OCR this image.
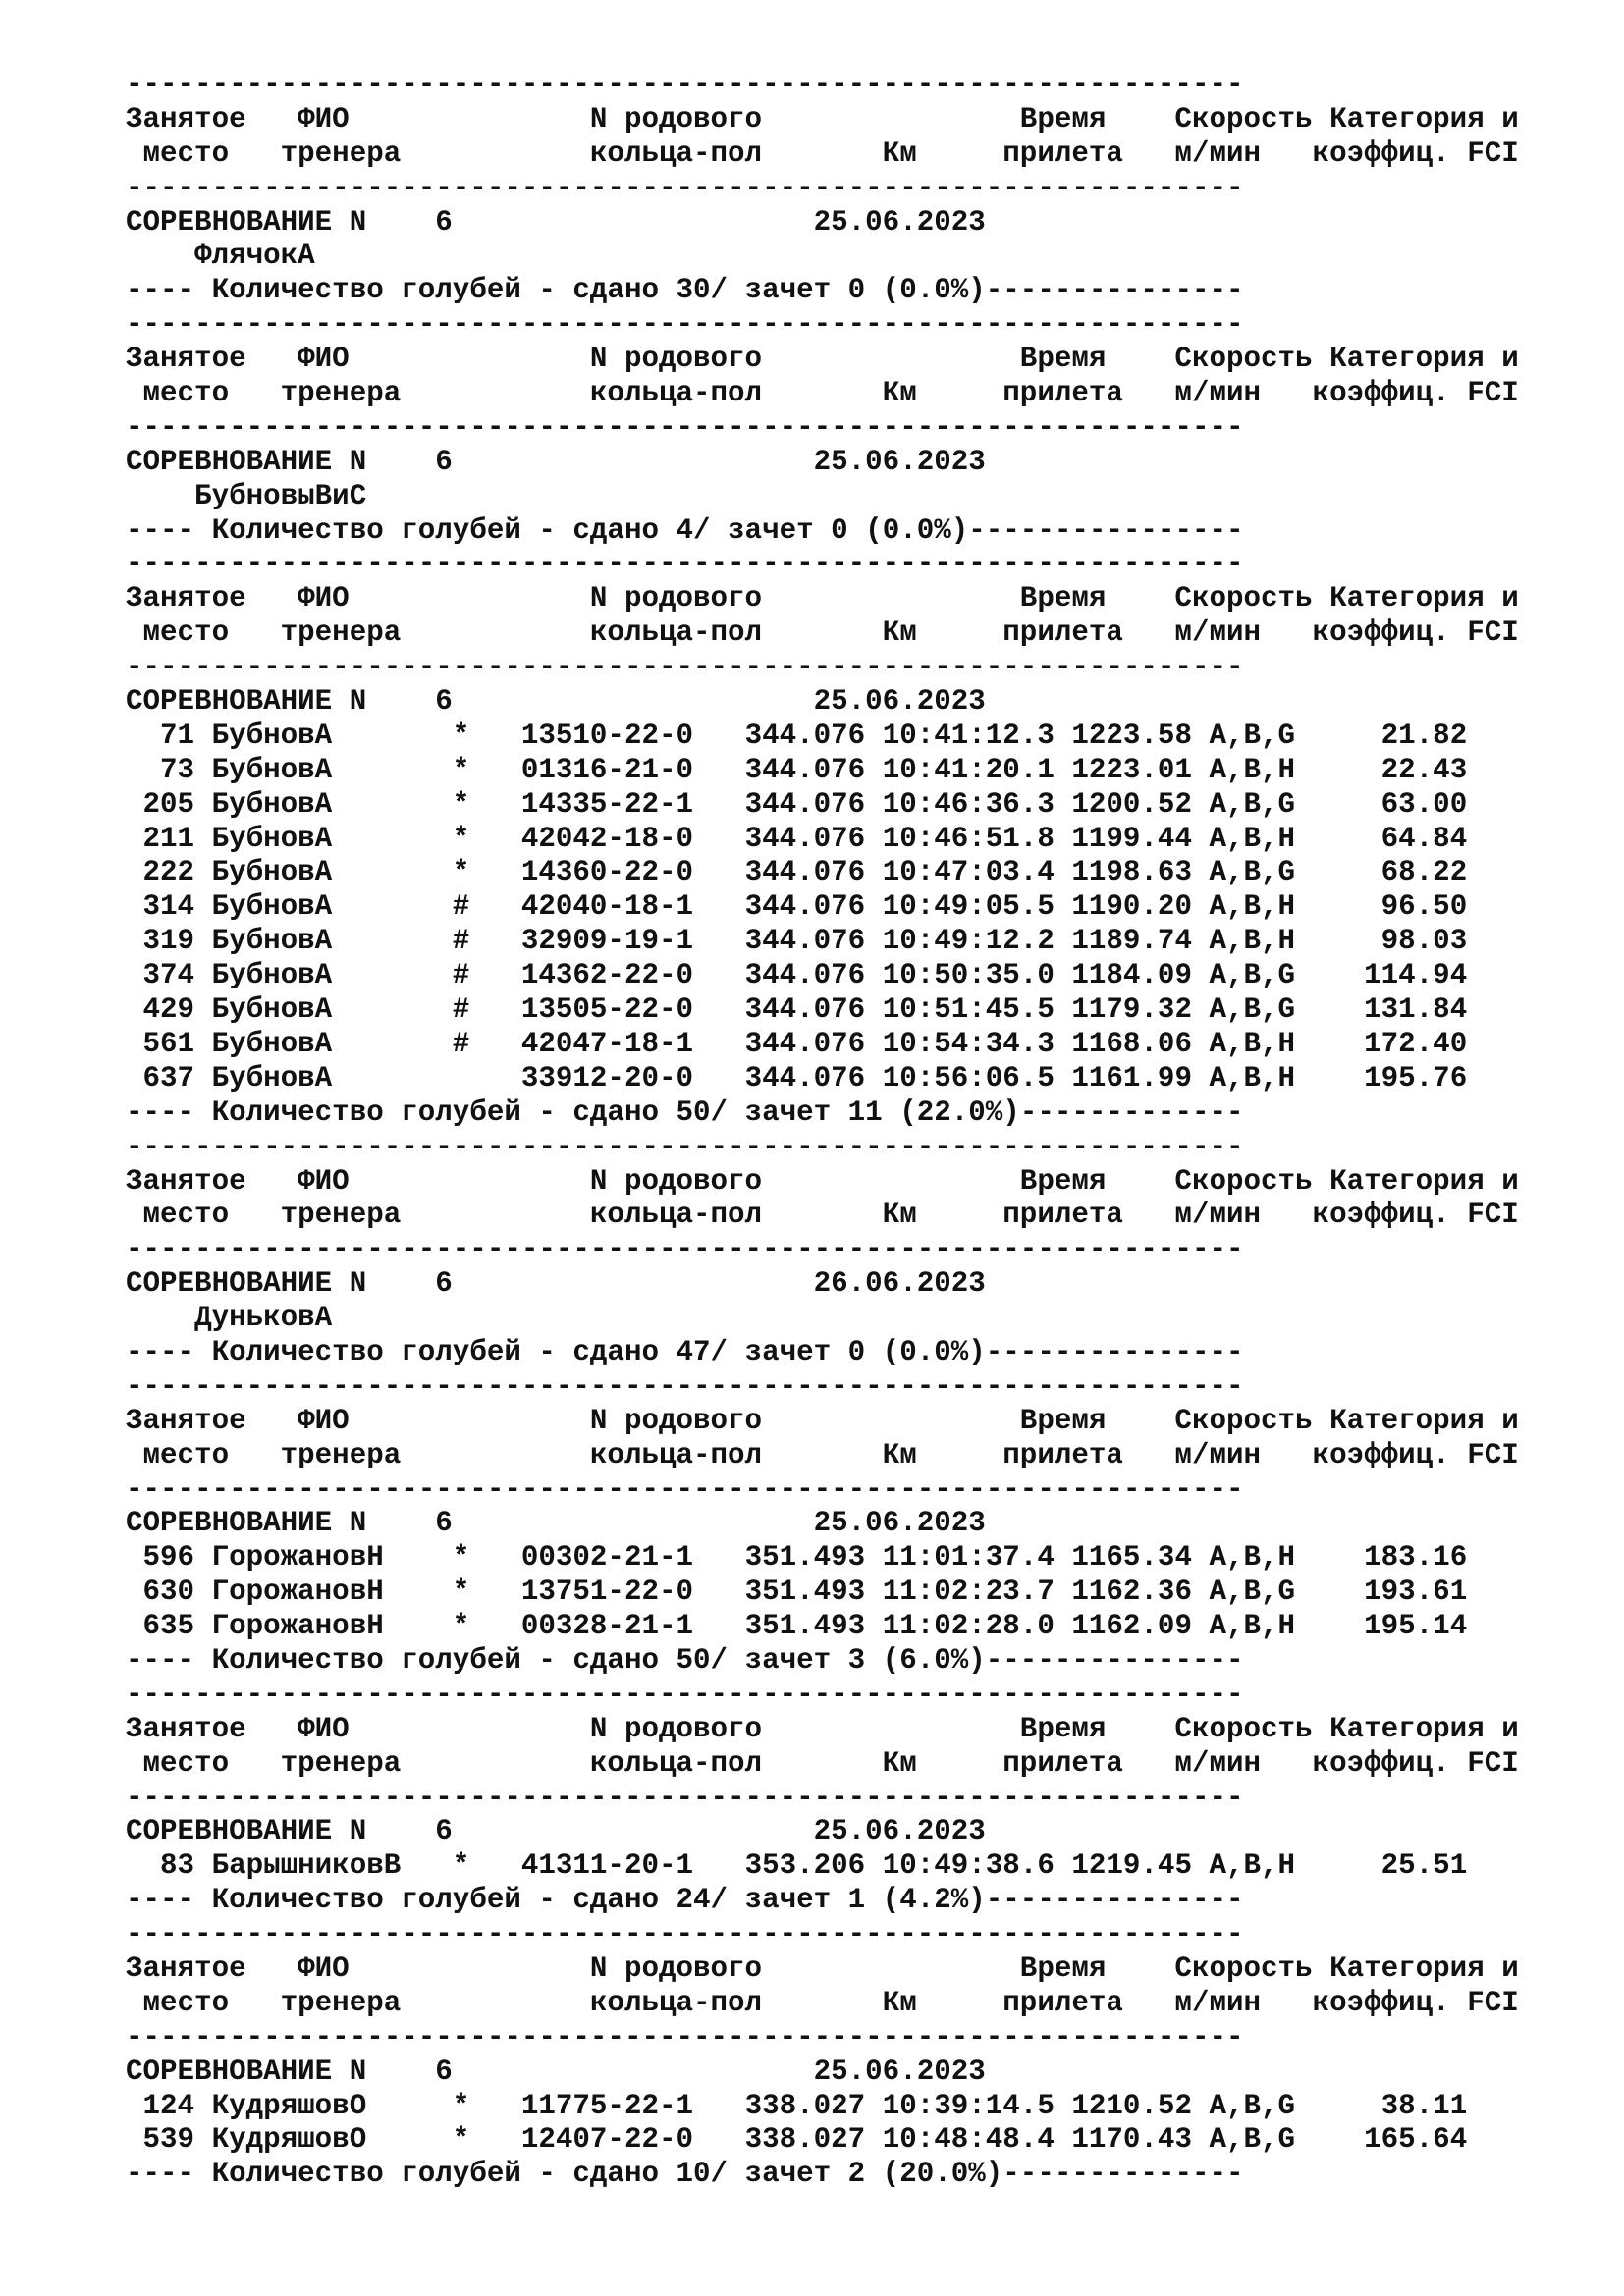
-----------------------------------------------------------------
Занятое   ФИО              N родового               Время    Скорость Категория и
место   тренера           кольца-пол       Км     прилета   м/мин   коэффиц. FCI
-----------------------------------------------------------------
СОРЕВНОВАНИЕ N    6	25.06.2023
ФлячокА
---- Количество голубей - сдано 30/ зачет 0 (0.0%)---------------
-----------------------------------------------------------------
Занятое   ФИО              N родового               Время    Скорость Категория и
место   тренера           кольца-пол       Км     прилета   м/мин   коэффиц. FCI
-----------------------------------------------------------------
СОРЕВНОВАНИЕ N    6	25.06.2023
БубновыВиС
---- Количество голубей - сдано 4/ зачет 0 (0.0%)----------------
-----------------------------------------------------------------
Занятое   ФИО              N родового               Время    Скорость Категория и
место   тренера           кольца-пол       Км     прилета   м/мин   коэффиц. FCI
-----------------------------------------------------------------
СОРЕВНОВАНИЕ N    6	25.06.2023
71 БубновА	* 13510-22-0 344.076 10:41:12.3 1223.58 A,B,G	21.82
73 БубновА	* 01316-21-0 344.076 10:41:20.1 1223.01 A,B,H	22.43
205 БубновА	* 14335-22-1 344.076 10:46:36.3 1200.52 A,B,G	63.00
211 БубновА	* 42042-18-0 344.076 10:46:51.8 1199.44 A,B,H	64.84
222 БубновА	* 14360-22-0 344.076 10:47:03.4 1198.63 A,B,G	68.22
314 БубновА	# 42040-18-1 344.076 10:49:05.5 1190.20 A,B,H	96.50
319 БубновА	# 32909-19-1 344.076 10:49:12.2 1189.74 A,B,H	98.03
374 БубновА	# 14362-22-0 344.076 10:50:35.0 1184.09 A,B,G 114.94
429 БубновА	# 13505-22-0 344.076 10:51:45.5 1179.32 A,B,G 131.84
561 БубновА	# 42047-18-1 344.076 10:54:34.3 1168.06 A,B,H 172.40
637 БубновА	33912-20-0 344.076 10:56:06.5 1161.99 A,B,H 195.76
---- Количество голубей - сдано 50/ зачет 11 (22.0%)-------------
-----------------------------------------------------------------
Занятое   ФИО              N родового               Время    Скорость Категория и
место   тренера           кольца-пол       Км     прилета   м/мин   коэффиц. FCI
-----------------------------------------------------------------
СОРЕВНОВАНИЕ N    6	26.06.2023
ДуньковА
---- Количество голубей - сдано 47/ зачет 0 (0.0%)---------------
-----------------------------------------------------------------
Занятое   ФИО              N родового               Время    Скорость Категория и
место   тренера           кольца-пол       Км     прилета   м/мин   коэффиц. FCI
-----------------------------------------------------------------
СОРЕВНОВАНИЕ N    6	25.06.2023
596 ГорожановН * 00302-21-1 351.493 11:01:37.4 1165.34 A,B,H 183.16
630 ГорожановН * 13751-22-0 351.493 11:02:23.7 1162.36 A,B,G 193.61
635 ГорожановН * 00328-21-1 351.493 11:02:28.0 1162.09 A,B,H 195.14
---- Количество голубей - сдано 50/ зачет 3 (6.0%)---------------
-----------------------------------------------------------------
Занятое   ФИО              N родового               Время    Скорость Категория и
место   тренера           кольца-пол       Км     прилета   м/мин   коэффиц. FCI
-----------------------------------------------------------------
СОРЕВНОВАНИЕ N    6	25.06.2023
83 БарышниковВ * 41311-20-1 353.206 10:49:38.6 1219.45 A,B,H	25.51
---- Количество голубей - сдано 24/ зачет 1 (4.2%)---------------
-----------------------------------------------------------------
Занятое   ФИО              N родового               Время    Скорость Категория и
место   тренера           кольца-пол       Км     прилета   м/мин   коэффиц. FCI
-----------------------------------------------------------------
СОРЕВНОВАНИЕ N    6	25.06.2023
124 КудряшовО	* 11775-22-1 338.027 10:39:14.5 1210.52 A,B,G	38.11
539 КудряшовО	* 12407-22-0 338.027 10:48:48.4 1170.43 A,B,G 165.64
---- Количество голубей - сдано 10/ зачет 2 (20.0%)--------------
